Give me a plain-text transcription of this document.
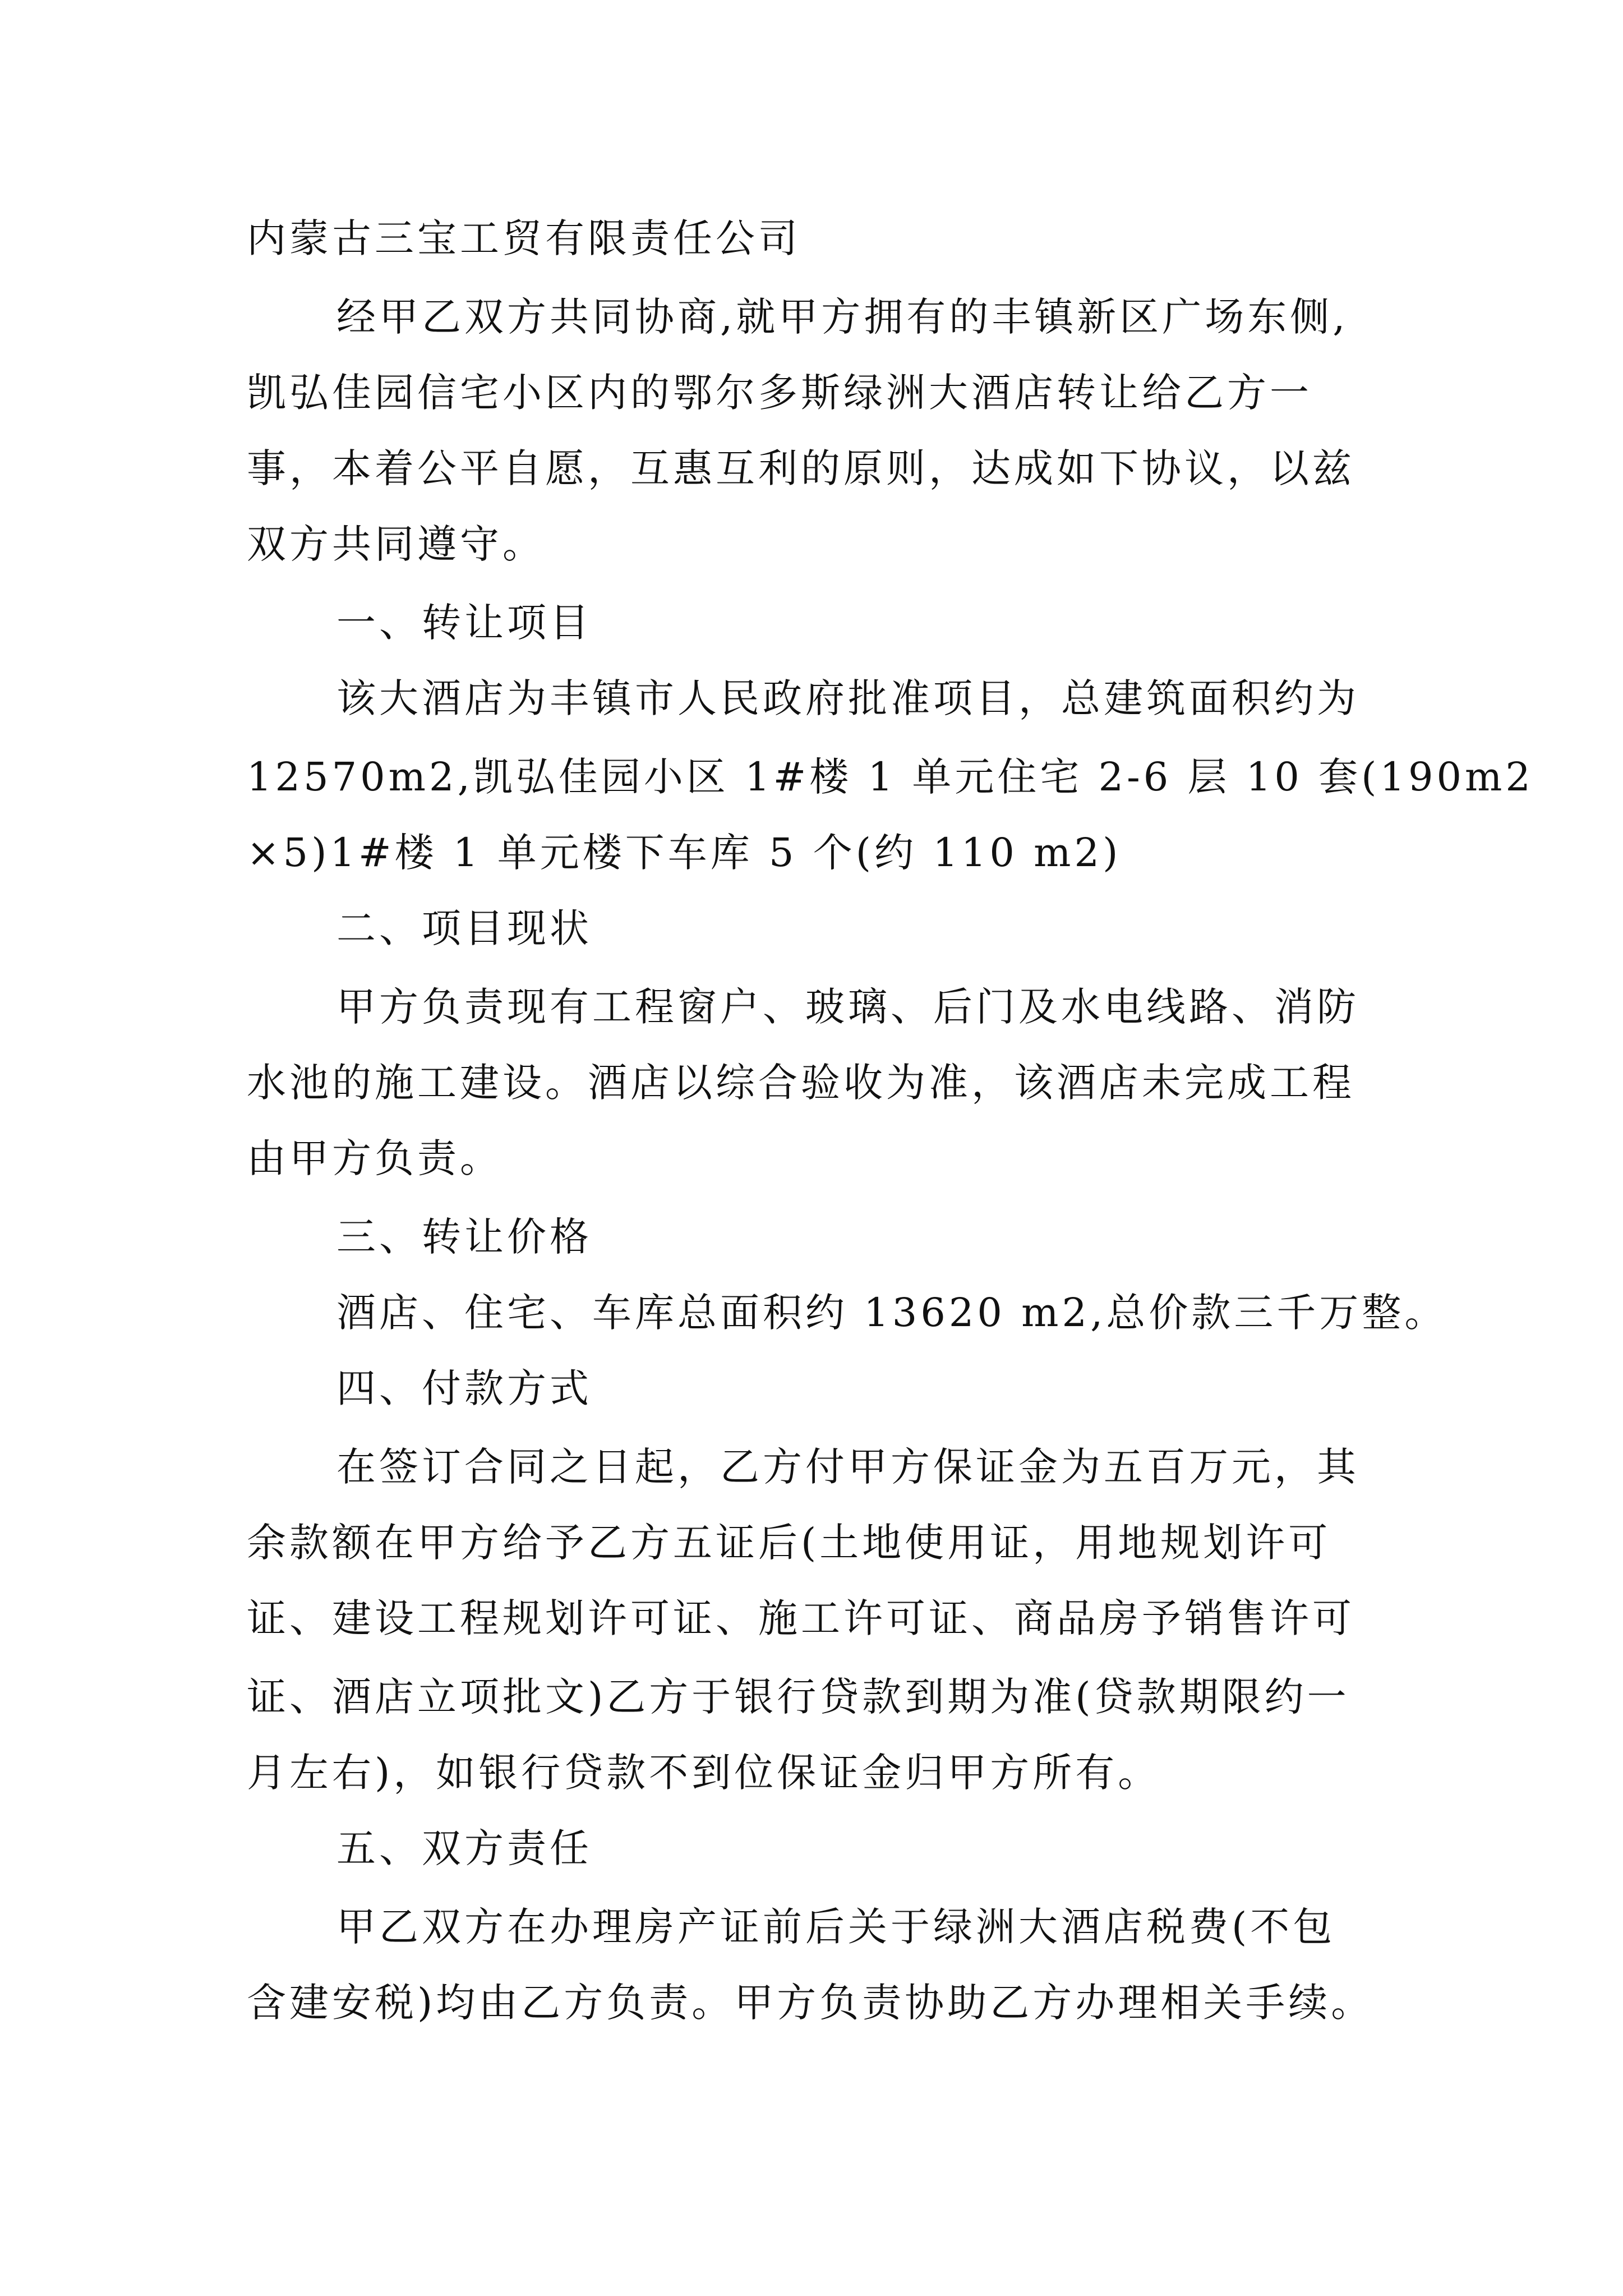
内蒙古三宝工贸有限责任公司
经甲乙双方共同协商,就甲方拥有的丰镇新区广场东侧,
凯弘佳园信宅小区内的鄂尔多斯绿洲大酒店转让给乙方一
事，本着公平自愿，互惠互利的原则，达成如下协议，以兹
双方共同遵守。
一、转让项目
该大酒店为丰镇市人民政府批准项目，总建筑面积约为
12570m2,凯弘佳园小区 1#楼 1 单元住宅 2-6 层 10 套(190m2
×5)1#楼 1 单元楼下车库 5 个(约 110 m2)
二、项目现状
甲方负责现有工程窗户、玻璃、后门及水电线路、消防
水池的施工建设。酒店以综合验收为准，该酒店未完成工程
由甲方负责。
三、转让价格
酒店、住宅、车库总面积约 13620 m2,总价款三千万整。
四、付款方式
在签订合同之日起，乙方付甲方保证金为五百万元，其
余款额在甲方给予乙方五证后(土地使用证，用地规划许可
证、建设工程规划许可证、施工许可证、商品房予销售许可
证、酒店立项批文)乙方于银行贷款到期为准(贷款期限约一
月左右)，如银行贷款不到位保证金归甲方所有。
五、双方责任
甲乙双方在办理房产证前后关于绿洲大酒店税费(不包
含建安税)均由乙方负责。甲方负责协助乙方办理相关手续。
